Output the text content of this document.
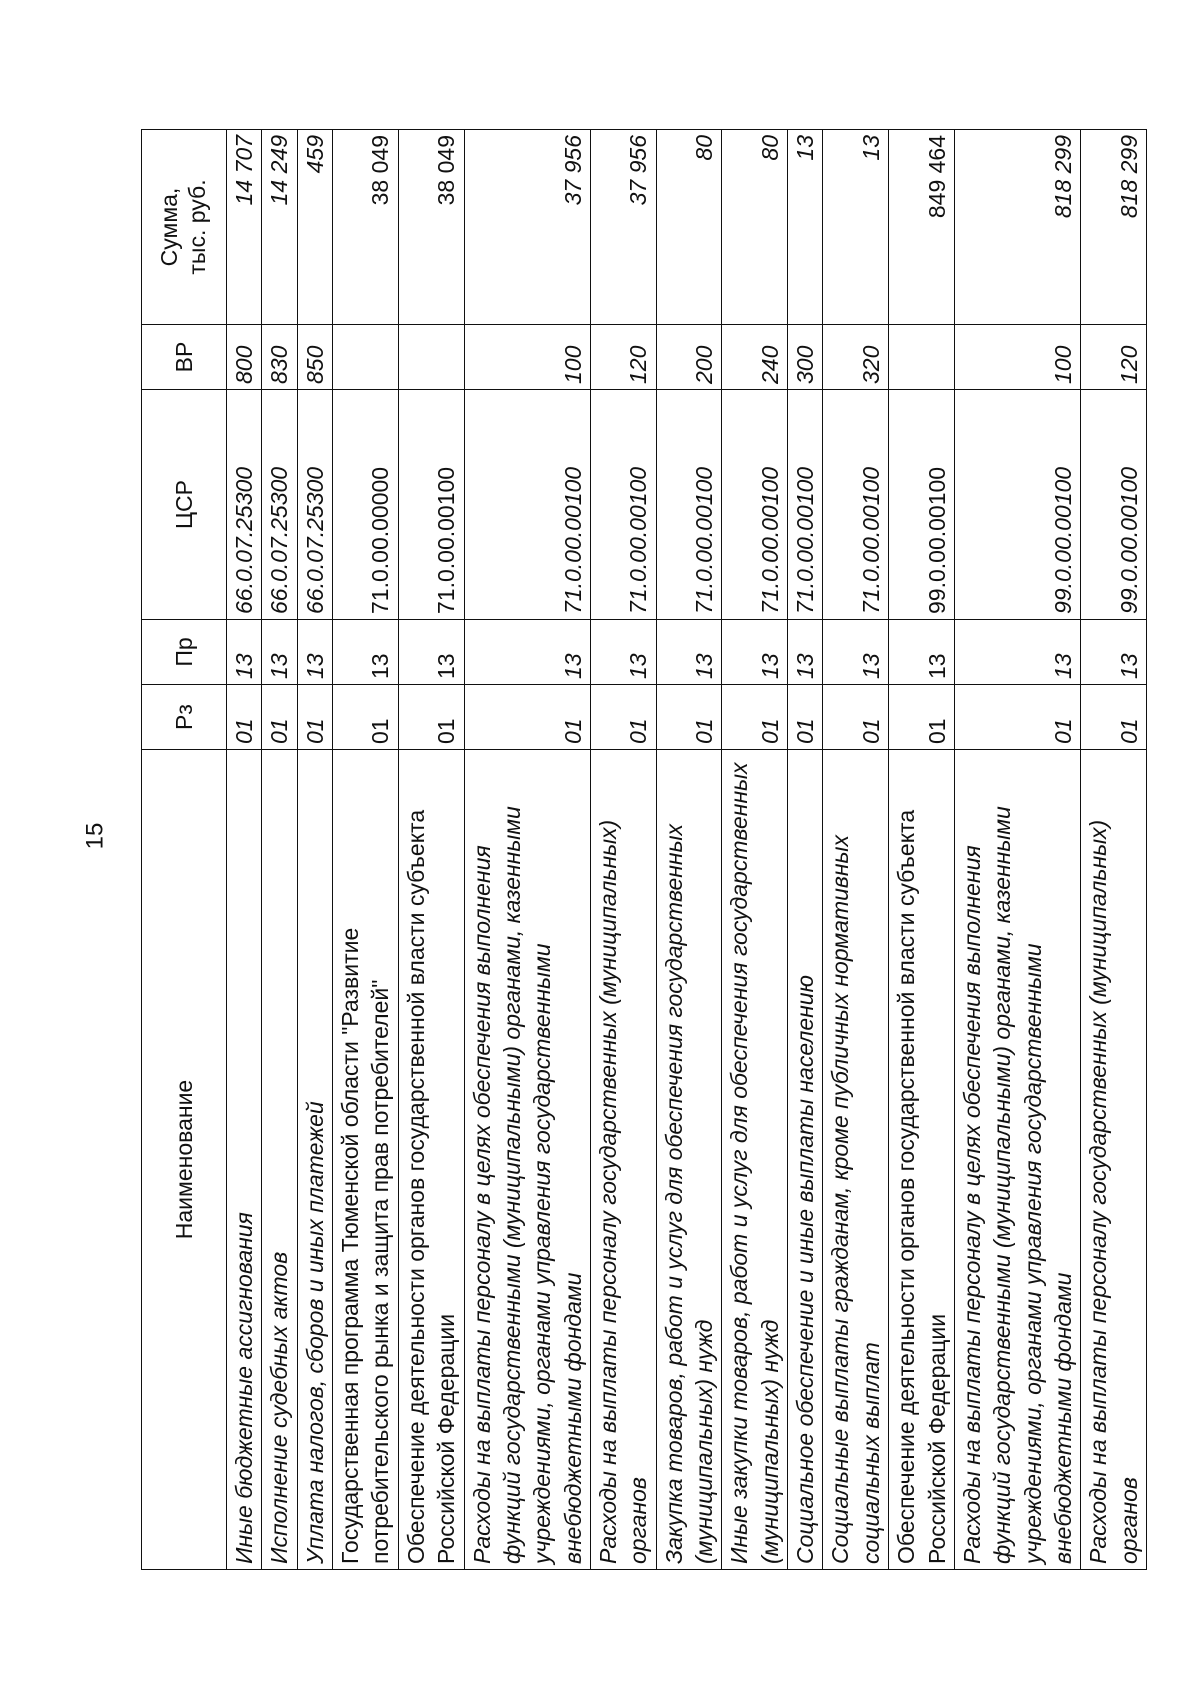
15
Наименование	Рз	Пр	ЦСР	ВР	Сумма, тыс. руб.

Иные бюджетные ассигнования	01	13	66.0.07.25300	800	14 707
Исполнение судебных актов	01	13	66.0.07.25300	830	14 249
Уплата налогов, сборов и иных платежей	01	13	66.0.07.25300	850	459
Государственная программа Тюменской области "Развитие потребительского рынка и защита прав потребителей"	01	13	71.0.00.00000		38 049
Обеспечение деятельности органов государственной власти субъекта Российской Федерации	01	13	71.0.00.00100		38 049
Расходы на выплаты персоналу в целях обеспечения выполнения функций государственными (муниципальными) органами, казенными учреждениями, органами управления государственными внебюджетными фондами	01	13	71.0.00.00100	100	37 956
Расходы на выплаты персоналу государственных (муниципальных) органов	01	13	71.0.00.00100	120	37 956
Закупка товаров, работ и услуг для обеспечения государственных (муниципальных) нужд	01	13	71.0.00.00100	200	80
Иные закупки товаров, работ и услуг для обеспечения государственных (муниципальных) нужд	01	13	71.0.00.00100	240	80
Социальное обеспечение и иные выплаты населению	01	13	71.0.00.00100	300	13
Социальные выплаты гражданам, кроме публичных нормативных социальных выплат	01	13	71.0.00.00100	320	13
Обеспечение деятельности органов государственной власти субъекта Российской Федерации	01	13	99.0.00.00100		849 464
Расходы на выплаты персоналу в целях обеспечения выполнения функций государственными (муниципальными) органами, казенными учреждениями, органами управления государственными внебюджетными фондами	01	13	99.0.00.00100	100	818 299
Расходы на выплаты персоналу государственных (муниципальных) органов	01	13	99.0.00.00100	120	818 299
